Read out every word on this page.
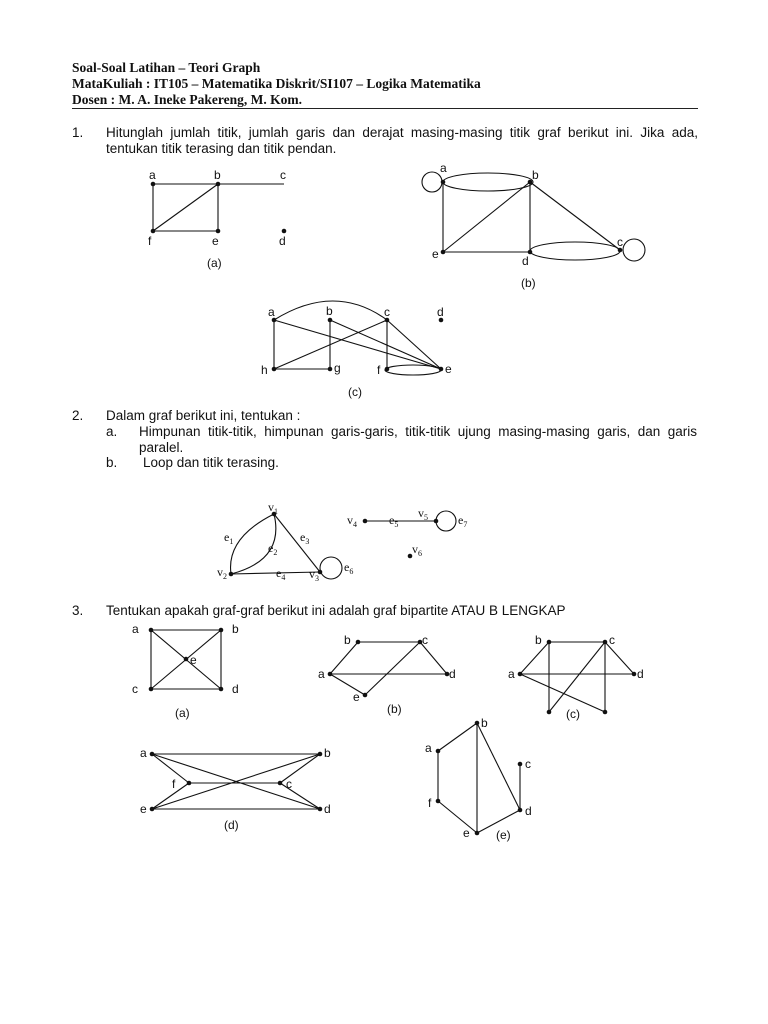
Soal-Soal Latihan – Teori Graph
MataKuliah : IT105 – Matematika Diskrit/SI107 – Logika Matematika
Dosen : M. A. Ineke Pakereng, M. Kom.
1. Hitunglah jumlah titik, jumlah garis dan derajat masing-masing titik graf berikut ini. Jika ada, tentukan titik terasing dan titik pendan.
2. Dalam graf berikut ini, tentukan :
a. Himpunan titik-titik, himpunan garis-garis, titik-titik ujung masing-masing garis, dan garis paralel.
b. Loop dan titik terasing.
3. Tentukan apakah graf-graf berikut ini adalah graf bipartite ATAU B LENGKAP
a	b	c
f	e	d
(a)
a	b
c
e	d
(b)
a	b	c	d
h	g	f	e
(c)
$v_1$
$v_2$	$v_3$
$v_4$
$v_5$
$v_6$
$e_1$	$e_2$
$e_3$
$e_4$
$e_5$
$e_6$
$e_7$
a	b
e
c	d
(a)
b	c
a	d
e
(b)
b	c
a	d
(c)
a	b
f	c
e	d
(d)
b
a
c
f
d
e (e)
